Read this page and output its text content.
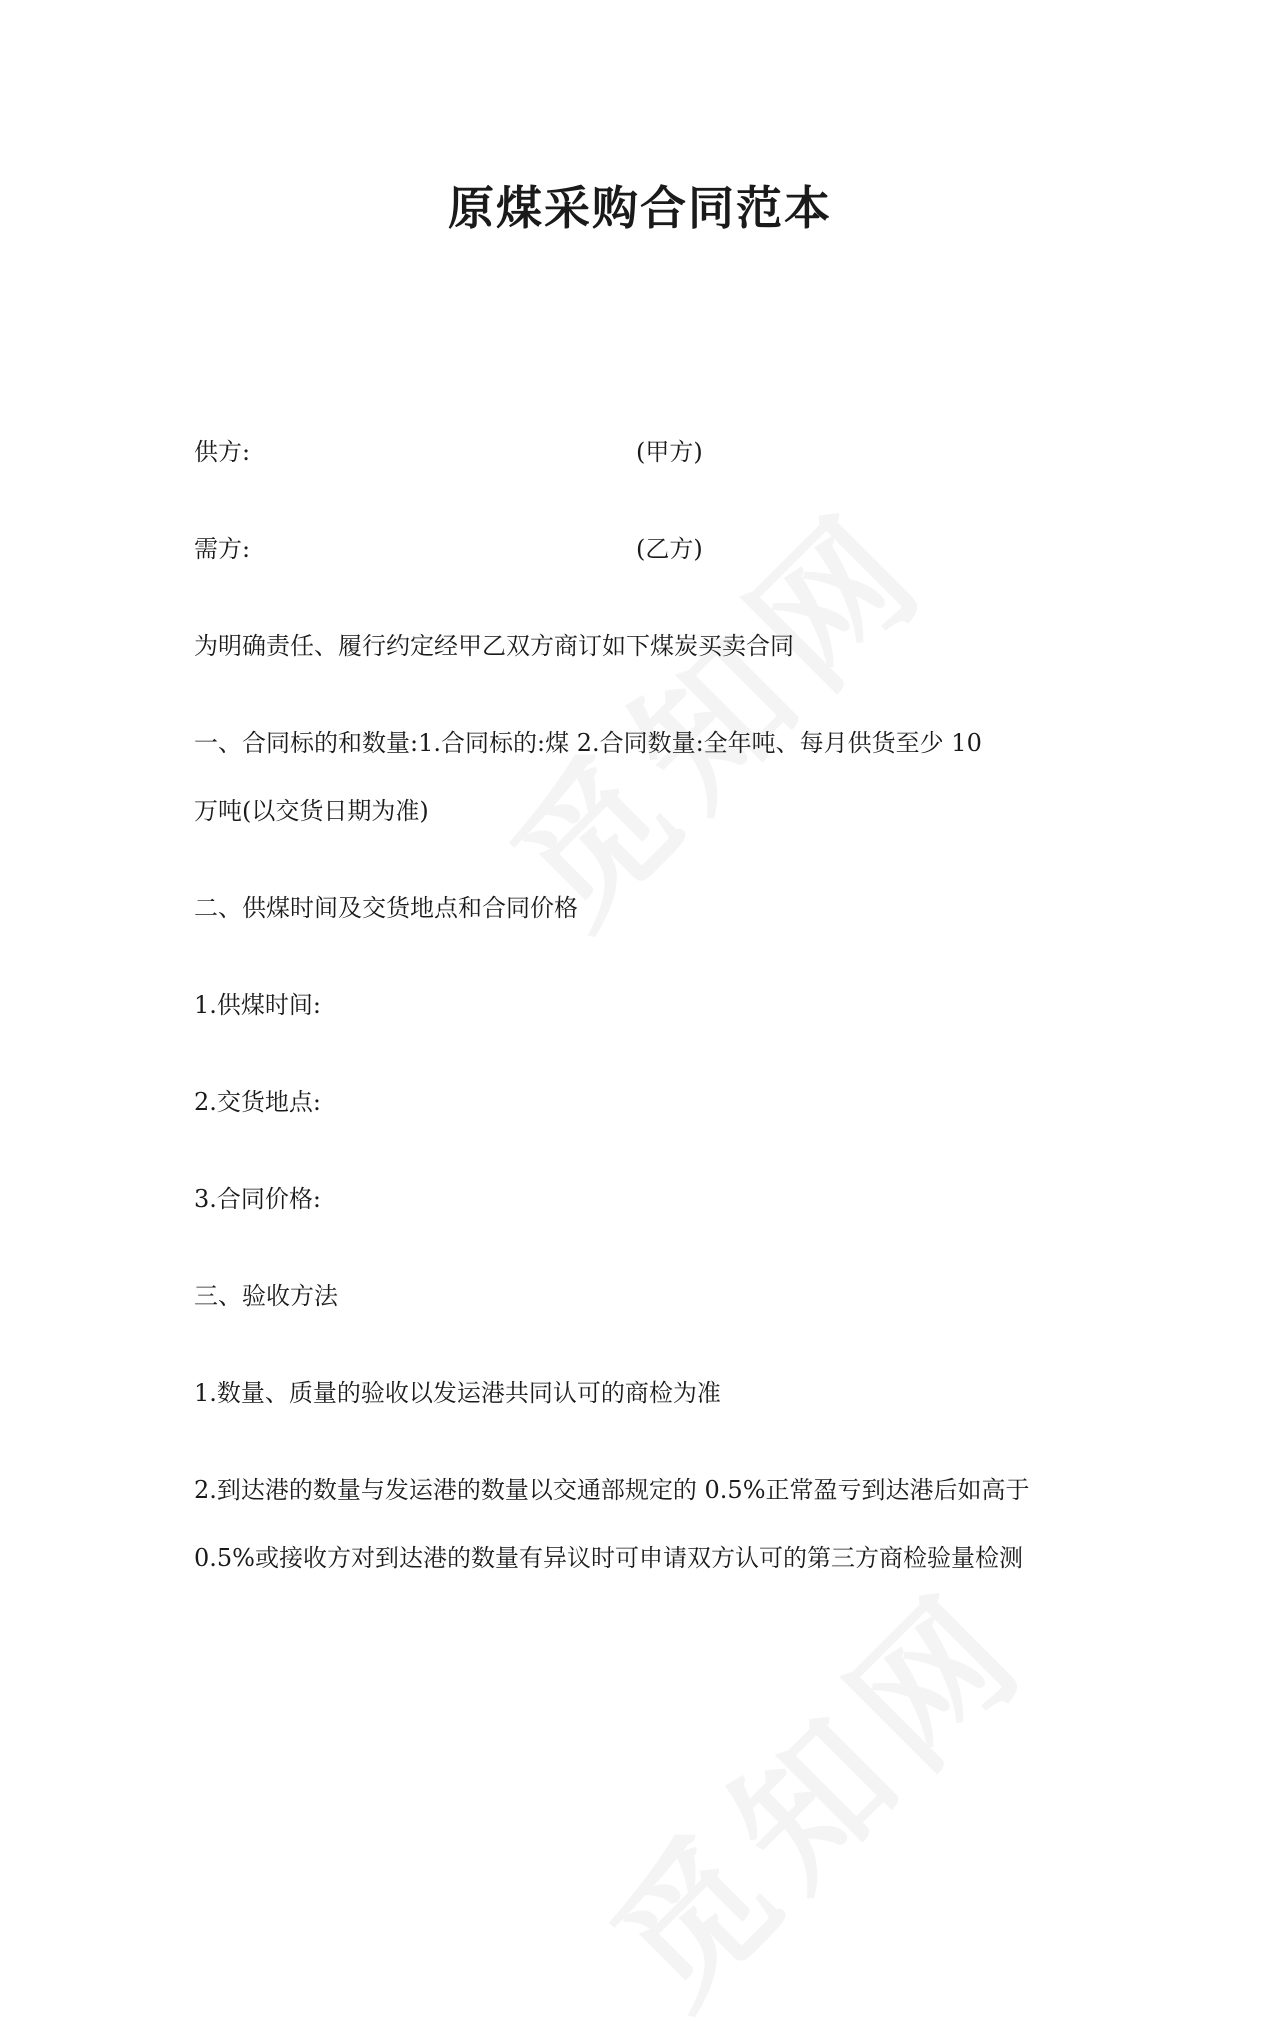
原煤采购合同范本
供方:	(甲方)
需方:	(乙方)
为明确责任、履行约定经甲乙双方商订如下煤炭买卖合同
一、合同标的和数量:1.合同标的:煤 2.合同数量:全年吨、每月供货至少 10
万吨(以交货日期为准)
二、供煤时间及交货地点和合同价格
1.供煤时间:
2.交货地点:
3.合同价格:
三、验收方法
1.数量、质量的验收以发运港共同认可的商检为准
2.到达港的数量与发运港的数量以交通部规定的 0.5%正常盈亏到达港后如高于
0.5%或接收方对到达港的数量有异议时可申请双方认可的第三方商检验量检测
